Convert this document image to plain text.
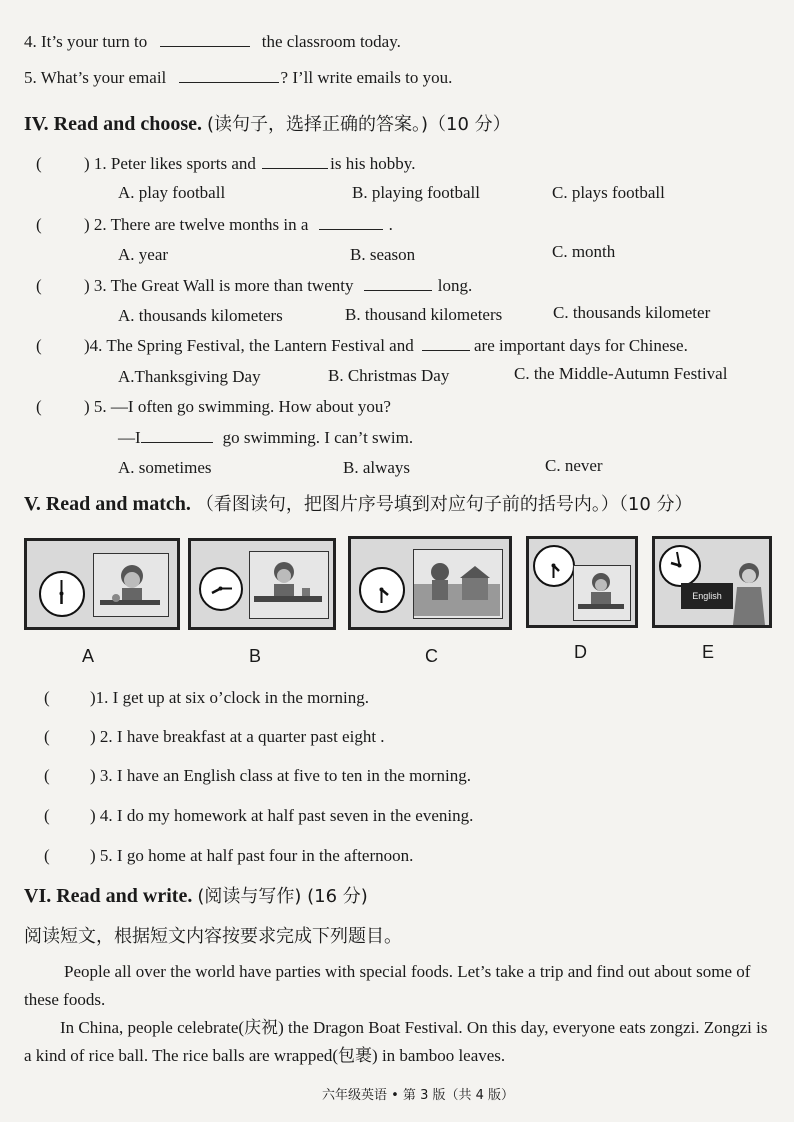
4. It’s your turn to	the classroom today.
5. What’s your email	? I’ll write emails to you.
IV. Read and choose. (读句子，选择正确的答案。)（10 分）
( ) 1. Peter likes sports and	is his hobby.
A. play football	B. playing football	C. plays football
( ) 2. There are twelve months in a	.
A. year	B. season	C. month
( ) 3. The Great Wall is more than twenty	long.
A. thousands kilometers	B. thousand kilometers	C. thousands kilometer
( )4. The Spring Festival, the Lantern Festival and	are important days for Chinese.
A.Thanksgiving Day	B. Christmas Day	C. the Middle-Autumn Festival
( ) 5. —I often go swimming. How about you?
—I	go swimming. I can’t swim.
A. sometimes	B. always	C. never
V. Read and match. （看图读句，把图片序号填到对应句子前的括号内。）（10 分）
English
A	B	C	D	E
( )1. I get up at six o’clock in the morning.
( ) 2. I have breakfast at a quarter past eight .
( ) 3. I have an English class at five to ten in the morning.
( ) 4. I do my homework at half past seven in the evening.
( ) 5. I go home at half past four in the afternoon.
VI. Read and write. (阅读与写作) (16 分)
阅读短文，根据短文内容按要求完成下列题目。
People all over the world have parties with special foods. Let’s take a trip and find out about some of these foods.
In China, people celebrate(庆祝) the Dragon Boat Festival. On this day, everyone eats zongzi. Zongzi is a kind of rice ball. The rice balls are wrapped(包裹) in bamboo leaves.
六年级英语 • 第 3 版（共 4 版）
